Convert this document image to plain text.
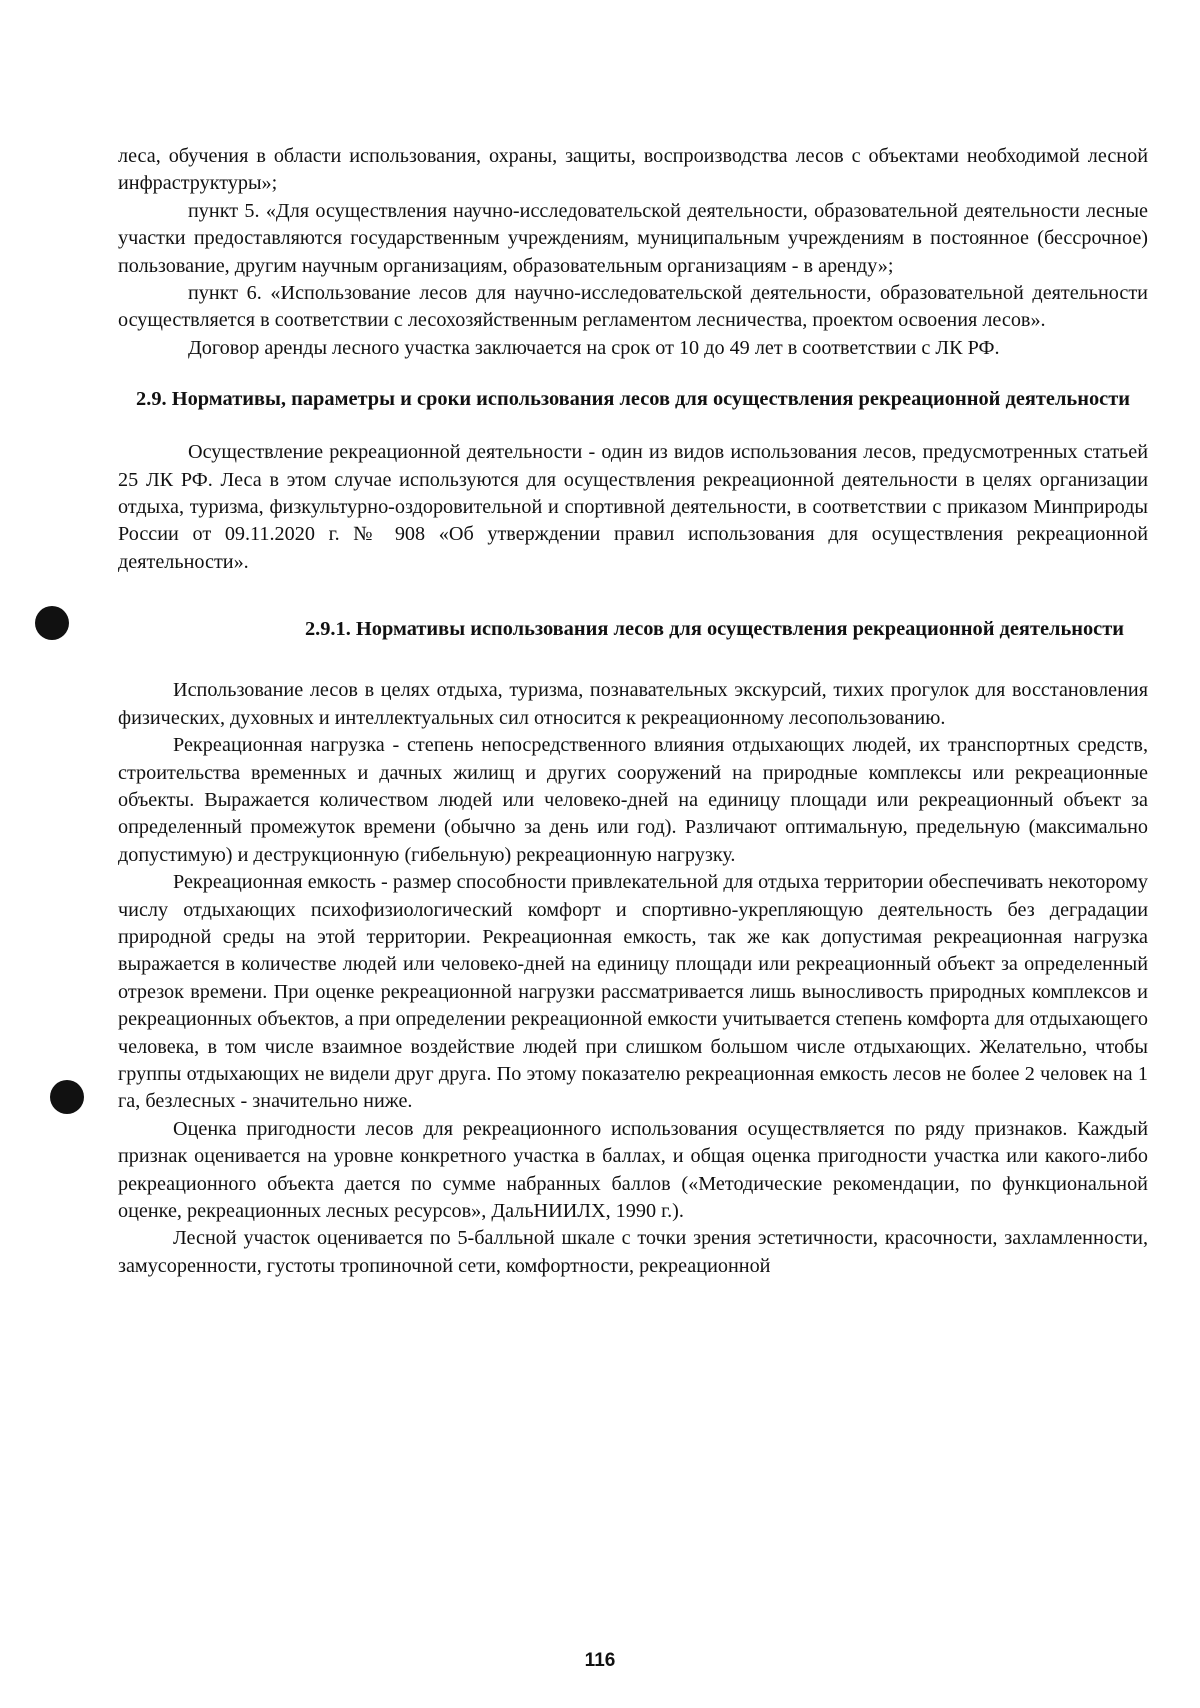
леса, обучения в области использования, охраны, защиты, воспроизводства лесов с объектами необходимой лесной инфраструктуры»;

пункт 5. «Для осуществления научно-исследовательской деятельности, образовательной деятельности лесные участки предоставляются государственным учреждениям, муниципальным учреждениям в постоянное (бессрочное) пользование, другим научным организациям, образовательным организациям - в аренду»;

пункт 6. «Использование лесов для научно-исследовательской деятельности, образовательной деятельности осуществляется в соответствии с лесохозяйственным регламентом лесничества, проектом освоения лесов».

Договор аренды лесного участка заключается на срок от 10 до 49 лет в соответствии с ЛК РФ.

2.9. Нормативы, параметры и сроки использования лесов для осуществления рекреационной деятельности

Осуществление рекреационной деятельности - один из видов использования лесов, предусмотренных статьей 25 ЛК РФ. Леса в этом случае используются для осуществления рекреационной деятельности в целях организации отдыха, туризма, физкультурно-оздоровительной и спортивной деятельности, в соответствии с приказом Минприроды России от 09.11.2020 г. № 908 «Об утверждении правил использования для осуществления рекреационной деятельности».

2.9.1. Нормативы использования лесов для осуществления рекреационной деятельности

Использование лесов в целях отдыха, туризма, познавательных экскурсий, тихих прогулок для восстановления физических, духовных и интеллектуальных сил относится к рекреационному лесопользованию.

Рекреационная нагрузка - степень непосредственного влияния отдыхающих людей, их транспортных средств, строительства временных и дачных жилищ и других сооружений на природные комплексы или рекреационные объекты. Выражается количеством людей или человеко-дней на единицу площади или рекреационный объект за определенный промежуток времени (обычно за день или год). Различают оптимальную, предельную (максимально допустимую) и деструкционную (гибельную) рекреационную нагрузку.

Рекреационная емкость - размер способности привлекательной для отдыха территории обеспечивать некоторому числу отдыхающих психофизиологический комфорт и спортивно-укрепляющую деятельность без деградации природной среды на этой территории. Рекреационная емкость, так же как допустимая рекреационная нагрузка выражается в количестве людей или человеко-дней на единицу площади или рекреационный объект за определенный отрезок времени. При оценке рекреационной нагрузки рассматривается лишь выносливость природных комплексов и рекреационных объектов, а при определении рекреационной емкости учитывается степень комфорта для отдыхающего человека, в том числе взаимное воздействие людей при слишком большом числе отдыхающих. Желательно, чтобы группы отдыхающих не видели друг друга. По этому показателю рекреационная емкость лесов не более 2 человек на 1 га, безлесных - значительно ниже.

Оценка пригодности лесов для рекреационного использования осуществляется по ряду признаков. Каждый признак оценивается на уровне конкретного участка в баллах, и общая оценка пригодности участка или какого-либо рекреационного объекта дается по сумме набранных баллов («Методические рекомендации, по функциональной оценке, рекреационных лесных ресурсов», ДальНИИЛХ, 1990 г.).

Лесной участок оценивается по 5-балльной шкале с точки зрения эстетичности, красочности, захламленности, замусоренности, густоты тропиночной сети, комфортности, рекреационной

116
